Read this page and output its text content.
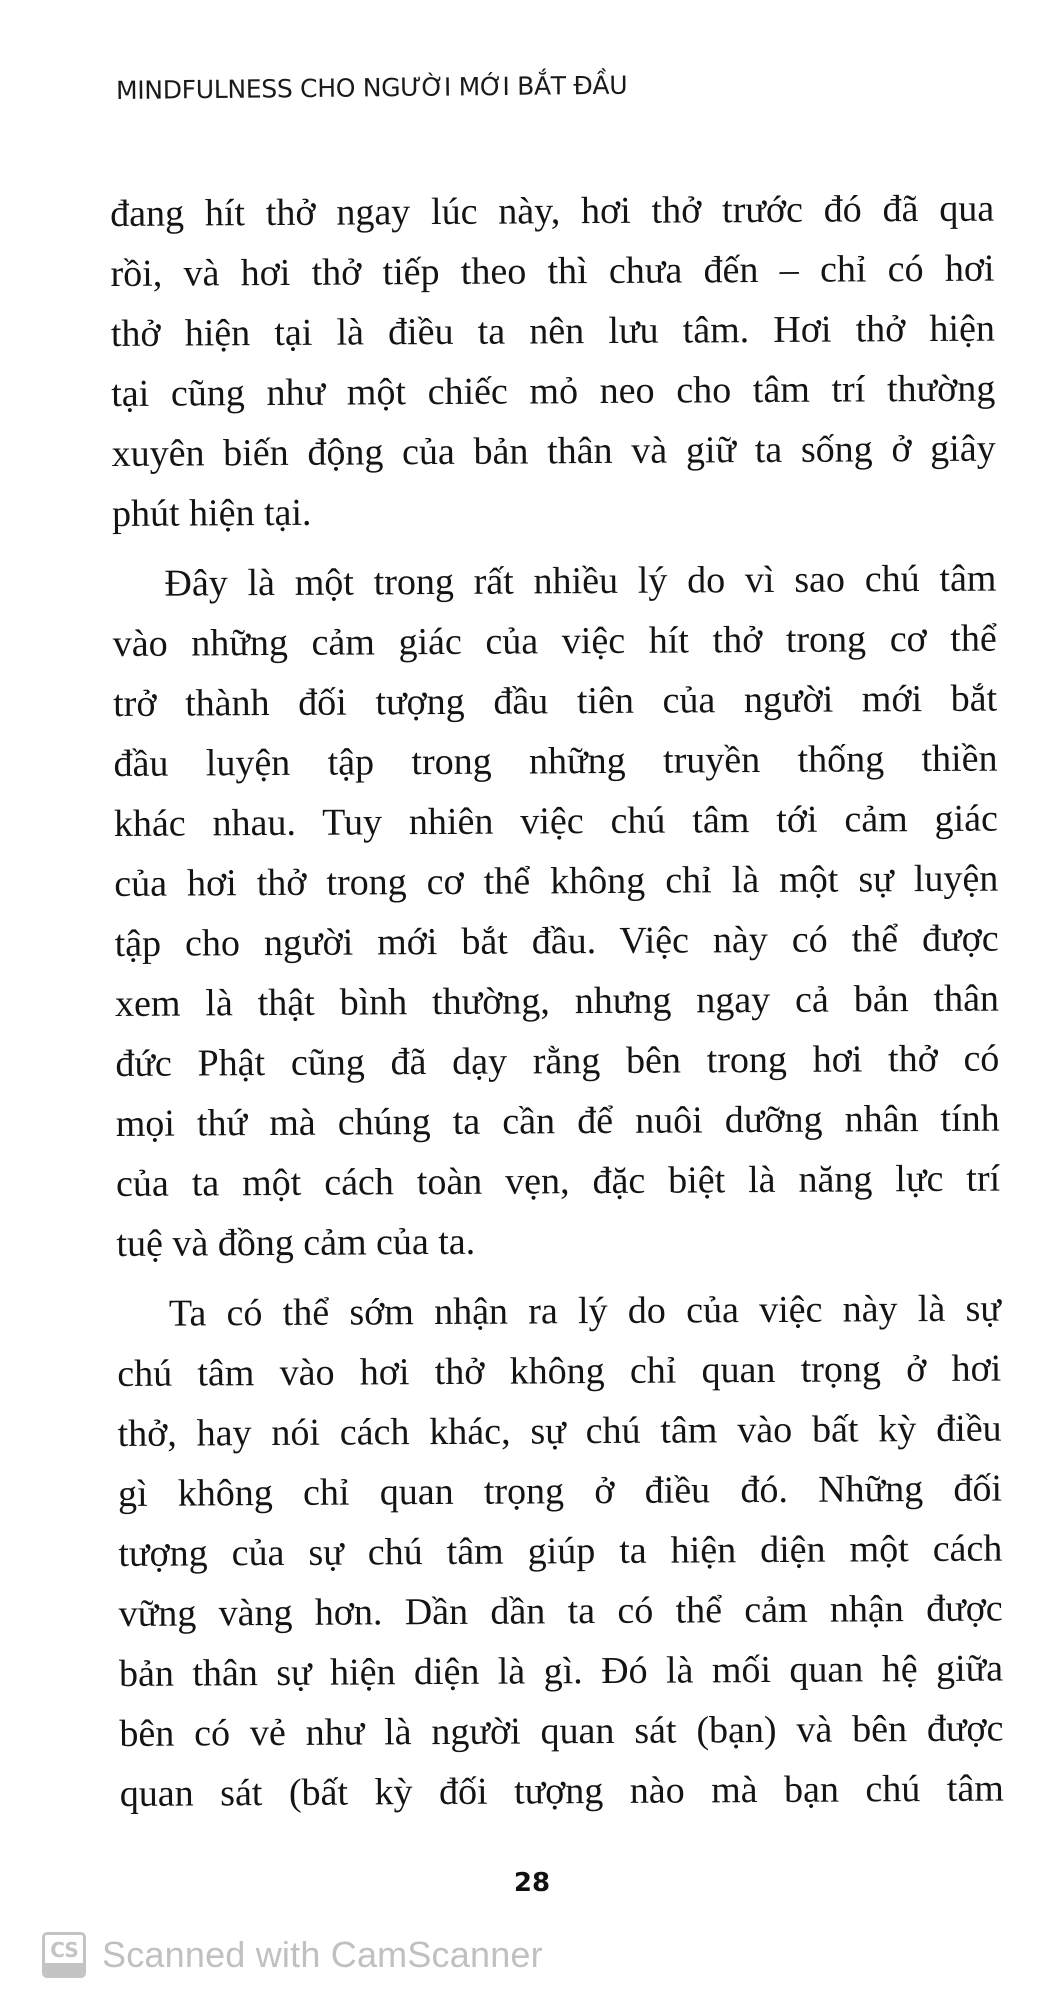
MINDFULNESS CHO NGƯỜI MỚI BẮT ĐẦU

đang hít thở ngay lúc này, hơi thở trước đó đã qua
rồi, và hơi thở tiếp theo thì chưa đến – chỉ có hơi
thở hiện tại là điều ta nên lưu tâm. Hơi thở hiện
tại cũng như một chiếc mỏ neo cho tâm trí thường
xuyên biến động của bản thân và giữ ta sống ở giây
phút hiện tại.

Đây là một trong rất nhiều lý do vì sao chú tâm
vào những cảm giác của việc hít thở trong cơ thể
trở thành đối tượng đầu tiên của người mới bắt
đầu luyện tập trong những truyền thống thiền
khác nhau. Tuy nhiên việc chú tâm tới cảm giác
của hơi thở trong cơ thể không chỉ là một sự luyện
tập cho người mới bắt đầu. Việc này có thể được
xem là thật bình thường, nhưng ngay cả bản thân
đức Phật cũng đã dạy rằng bên trong hơi thở có
mọi thứ mà chúng ta cần để nuôi dưỡng nhân tính
của ta một cách toàn vẹn, đặc biệt là năng lực trí
tuệ và đồng cảm của ta.

Ta có thể sớm nhận ra lý do của việc này là sự
chú tâm vào hơi thở không chỉ quan trọng ở hơi
thở, hay nói cách khác, sự chú tâm vào bất kỳ điều
gì không chỉ quan trọng ở điều đó. Những đối
tượng của sự chú tâm giúp ta hiện diện một cách
vững vàng hơn. Dần dần ta có thể cảm nhận được
bản thân sự hiện diện là gì. Đó là mối quan hệ giữa
bên có vẻ như là người quan sát (bạn) và bên được
quan sát (bất kỳ đối tượng nào mà bạn chú tâm

28
CS Scanned with CamScanner
